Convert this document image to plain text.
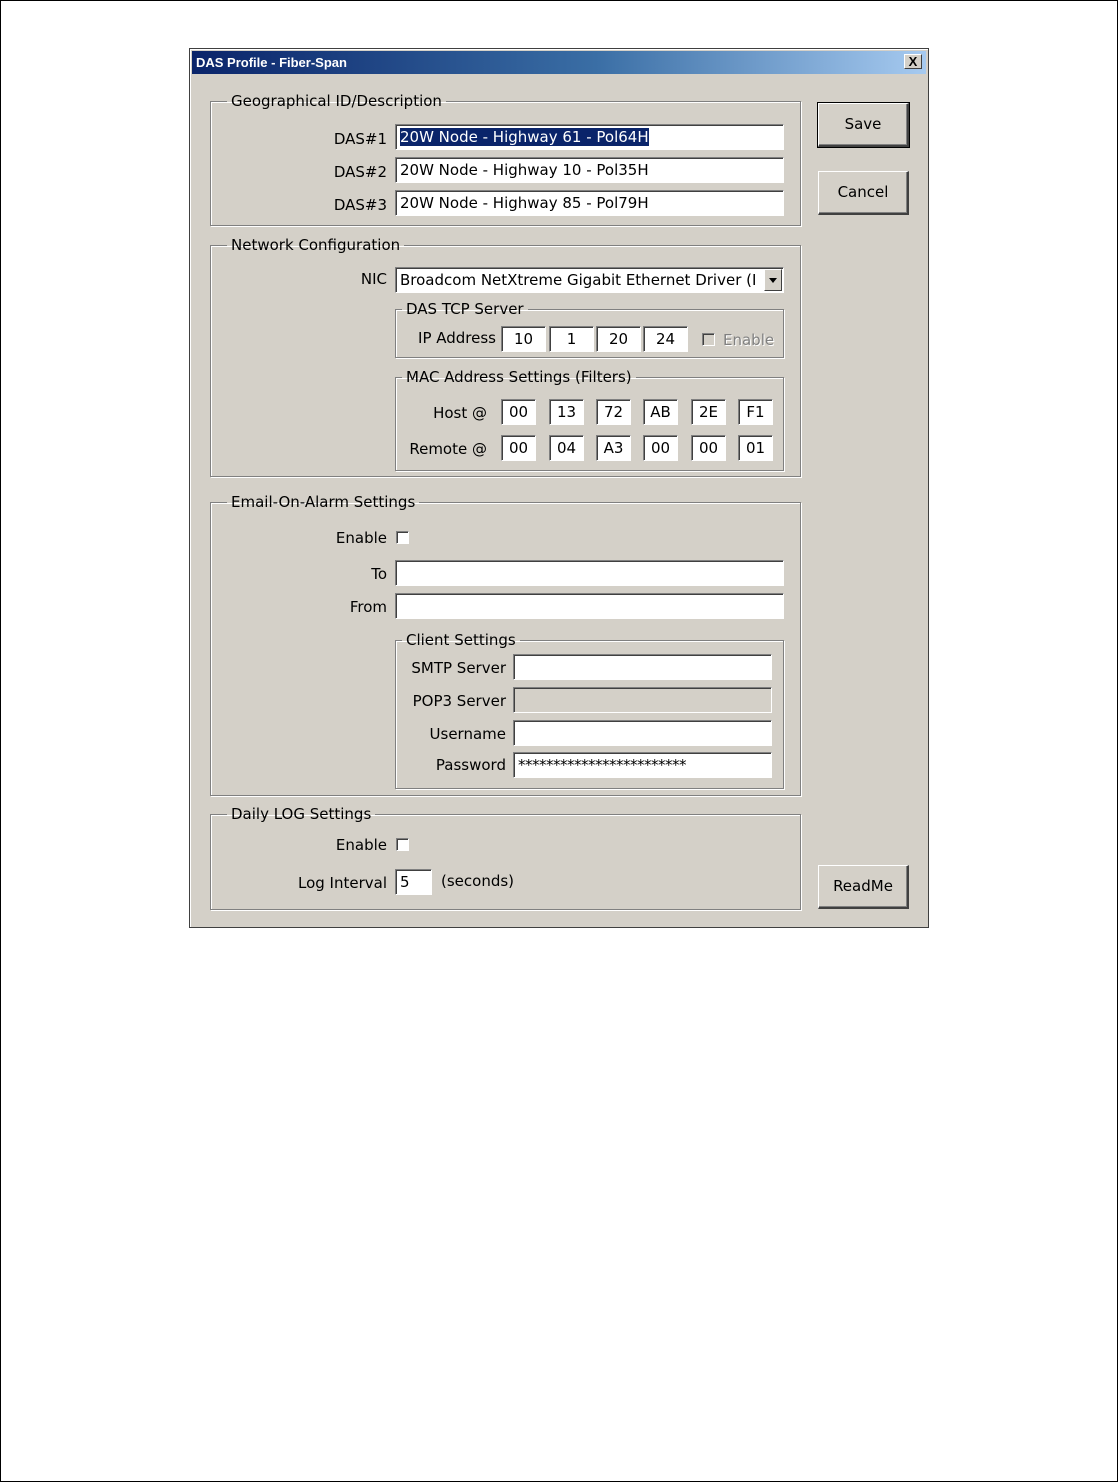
DAS Profile - Fiber-Span	X
Geographical ID/Description
DAS#1 20W Node - Highway 61 - Pol64H
DAS#2 20W Node - Highway 10 - Pol35H
DAS#3 20W Node - Highway 85 - Pol79H
Save
Cancel
Network Configuration
NIC Broadcom NetXtreme Gigabit Ethernet Driver (I
DAS TCP Server
IP Address	10	1	20	24	Enable
MAC Address Settings (Filters)
Host @	00	13	72	AB	2E	F1
Remote @	00	04	A3	00	00	01
Email-On-Alarm Settings
Enable
To
From
Client Settings
SMTP Server
POP3 Server
Username
Password ************************
Daily LOG Settings
Enable
Log Interval 5	(seconds)	ReadMe
